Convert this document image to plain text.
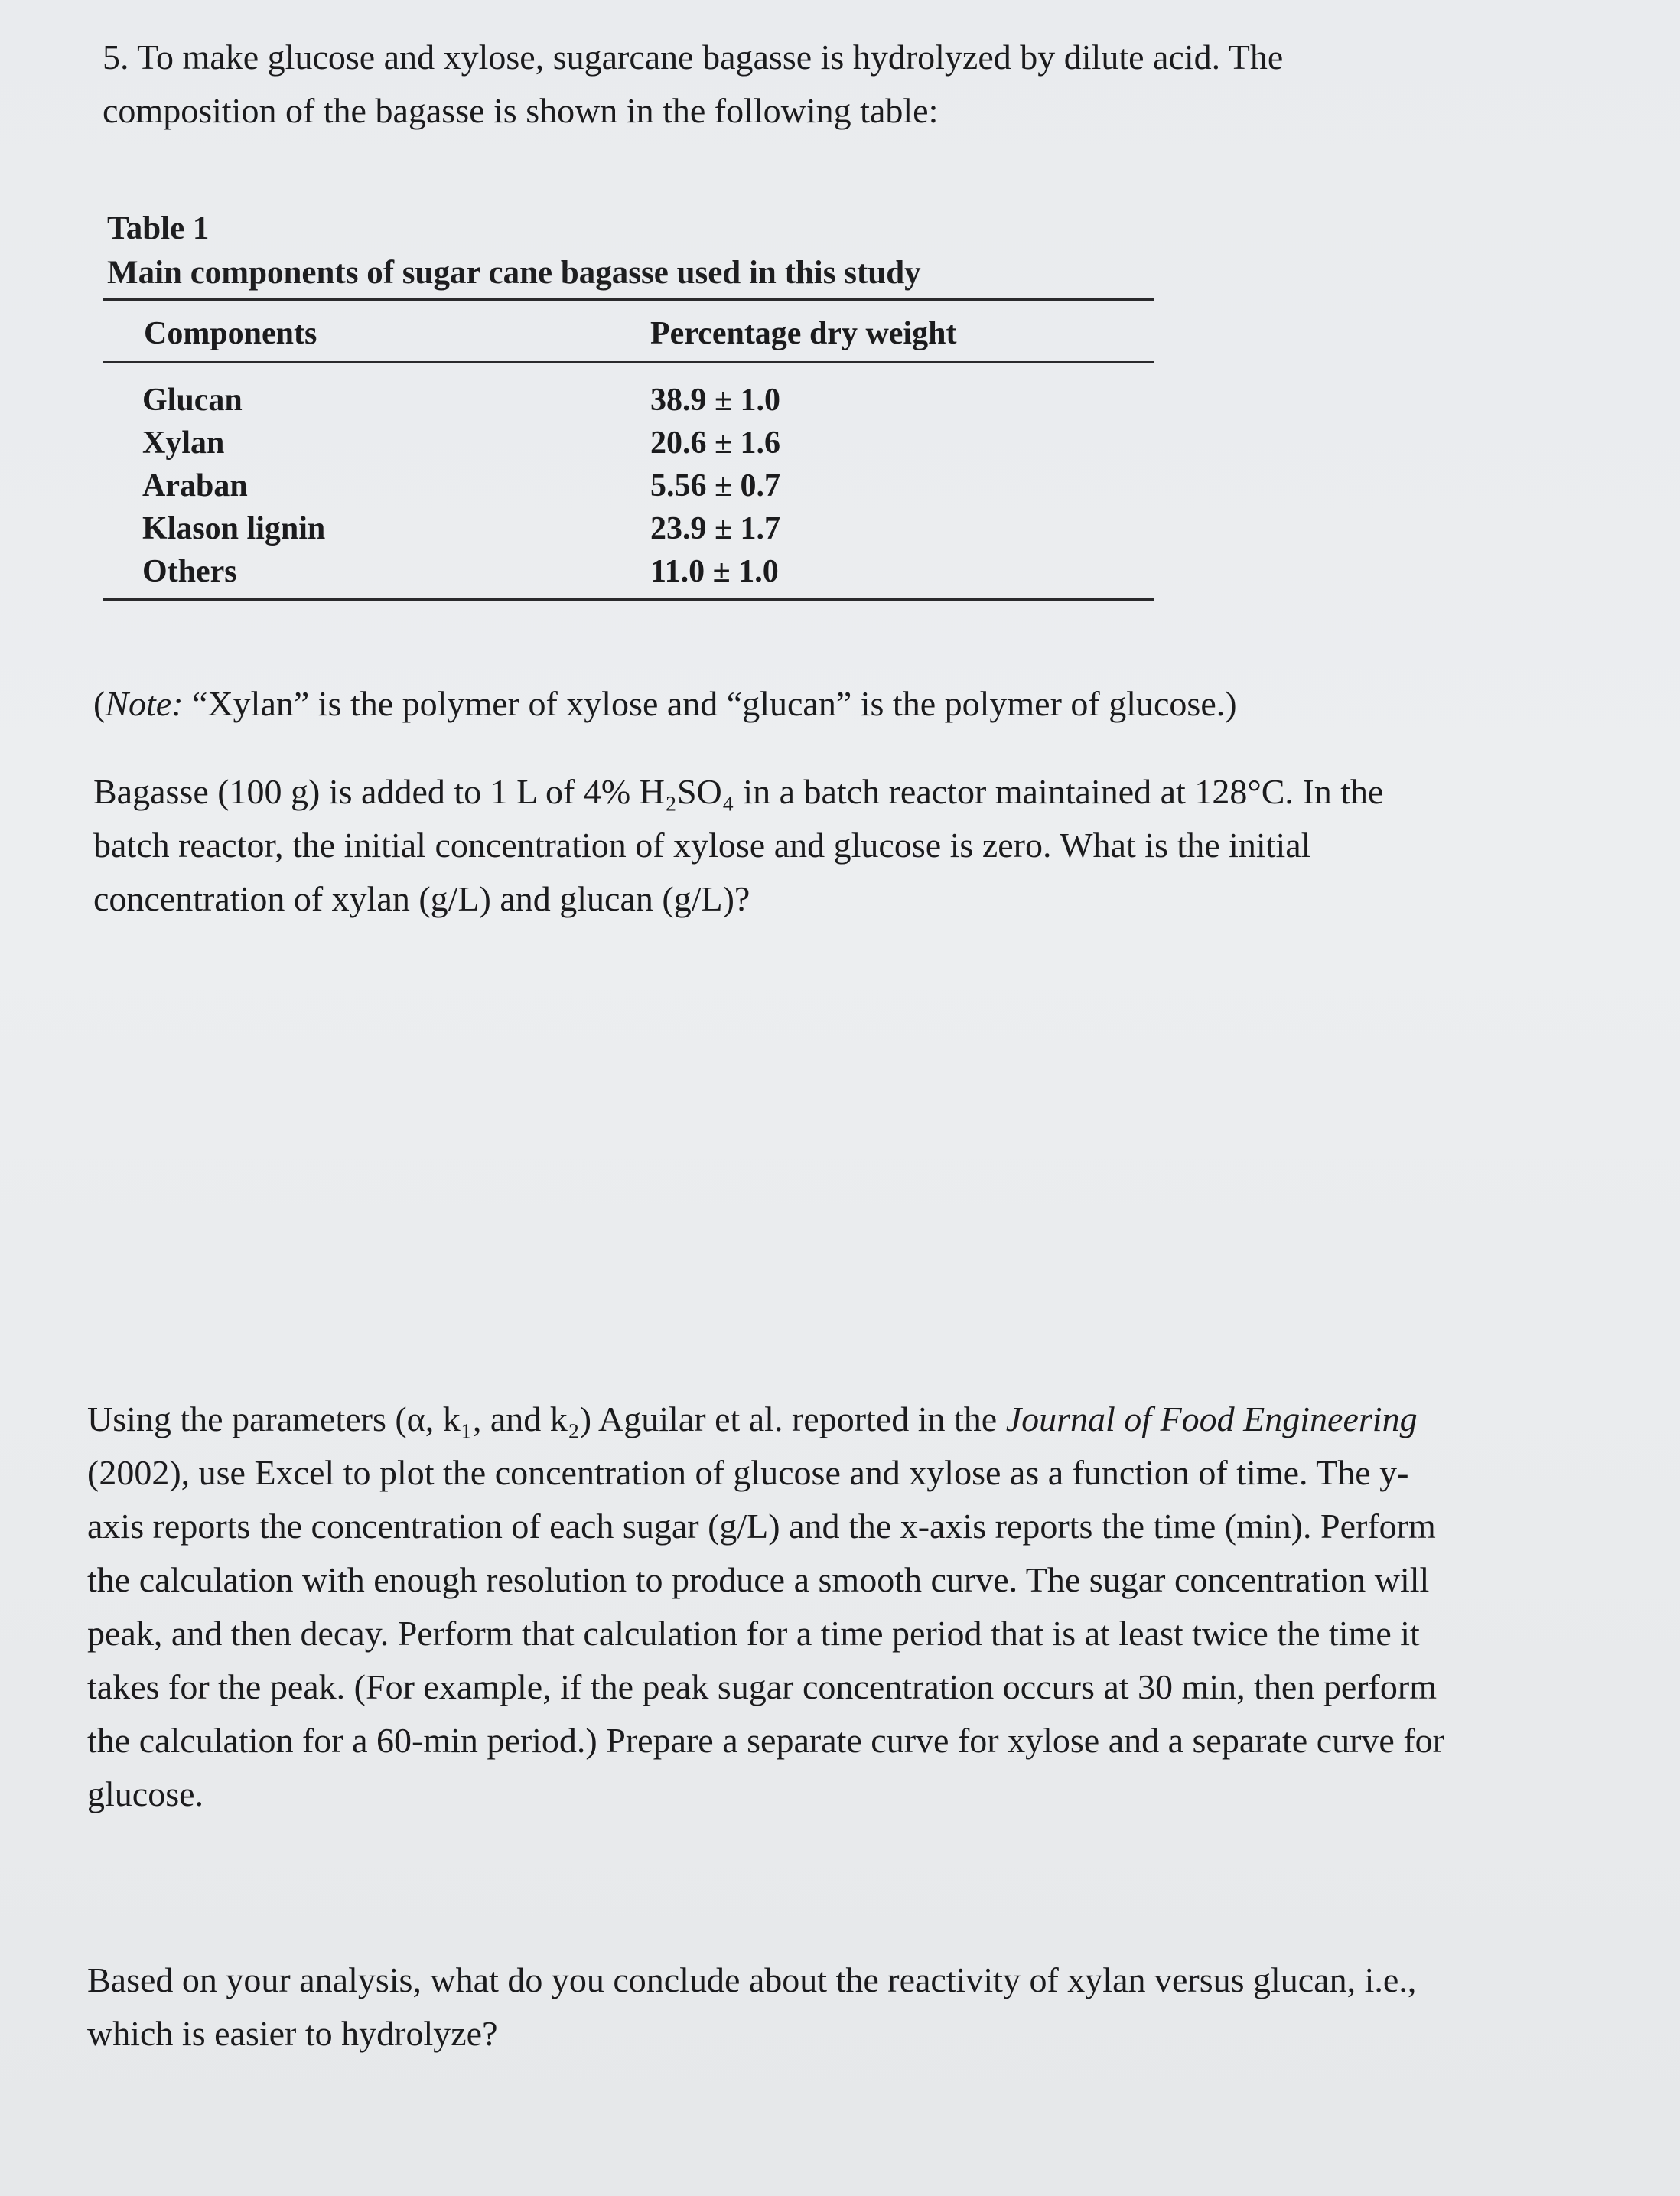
5. To make glucose and xylose, sugarcane bagasse is hydrolyzed by dilute acid. The
composition of the bagasse is shown in the following table:
Table 1
Main components of sugar cane bagasse used in this study
Components	Percentage dry weight
Glucan	38.9 ± 1.0
Xylan	20.6 ± 1.6
Araban	5.56 ± 0.7
Klason lignin	23.9 ± 1.7
Others	11.0 ± 1.0
(Note: “Xylan” is the polymer of xylose and “glucan” is the polymer of glucose.)
Bagasse (100 g) is added to 1 L of 4% H₂SO₄ in a batch reactor maintained at 128°C. In the
batch reactor, the initial concentration of xylose and glucose is zero. What is the initial
concentration of xylan (g/L) and glucan (g/L)?
Using the parameters (α, k₁, and k₂) Aguilar et al. reported in the Journal of Food Engineering
(2002), use Excel to plot the concentration of glucose and xylose as a function of time. The y-
axis reports the concentration of each sugar (g/L) and the x-axis reports the time (min). Perform
the calculation with enough resolution to produce a smooth curve. The sugar concentration will
peak, and then decay. Perform that calculation for a time period that is at least twice the time it
takes for the peak. (For example, if the peak sugar concentration occurs at 30 min, then perform
the calculation for a 60-min period.) Prepare a separate curve for xylose and a separate curve for
glucose.
Based on your analysis, what do you conclude about the reactivity of xylan versus glucan, i.e.,
which is easier to hydrolyze?
